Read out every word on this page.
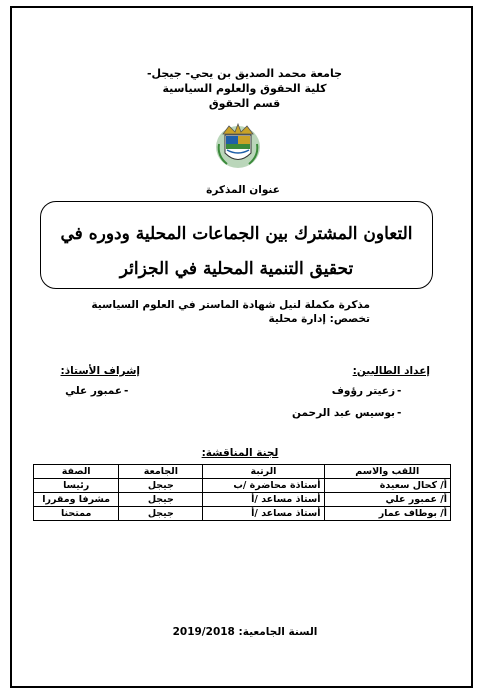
جامعة محمد الصديق بن يحي- جيجل-
كلية الحقوق والعلوم السياسية
قسم الحقوق
عنوان المذكرة
التعاون المشترك بين الجماعات المحلية ودوره في
تحقيق التنمية المحلية في الجزائر
مذكرة مكملة لنيل شهادة الماستر في العلوم السياسية
تخصص: إدارة محلية
إعداد الطالبين:
زعيتر رؤوف -
بوسيس عبد الرحمن -
إشراف الأستاذ:
عمبور علي -
لجنة المناقشة:
اللقب والاسم	الرتبة	الجامعة	الصفة
أ/ كحال سعيدة	أستاذة محاضرة /ب	جيجل	رئيسا
أ/ عمبور علي	أستاذ مساعد /أ	جيجل	مشرفا ومقررا
أ/ بوطاف عمار	أستاذ مساعد /أ	جيجل	ممتحنا
السنة الجامعية: 2019/2018
